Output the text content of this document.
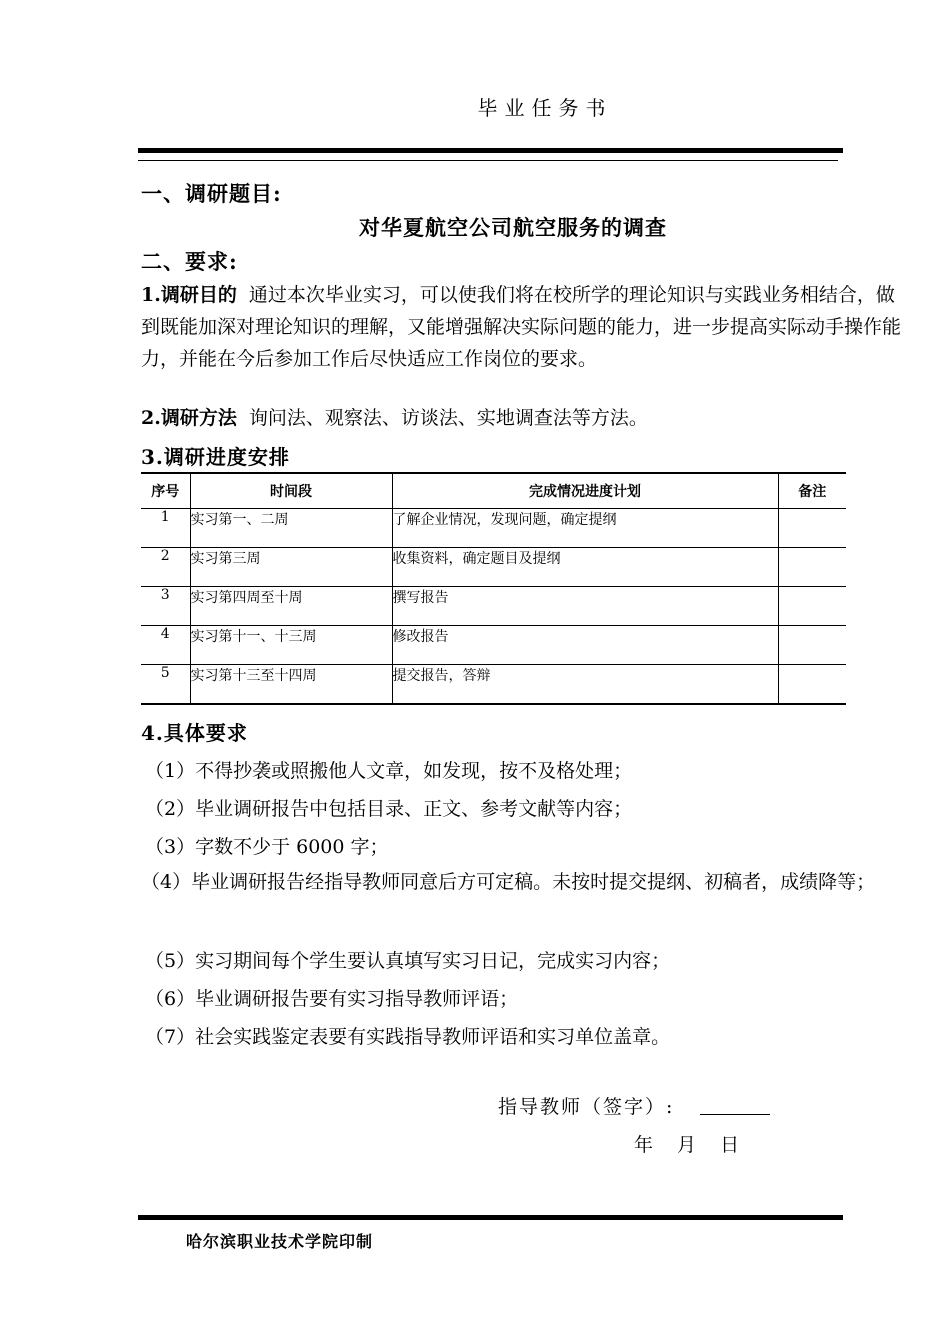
毕业任务书
一、调研题目:
对华夏航空公司航空服务的调查
二、要求:
1.调研目的 通过本次毕业实习，可以使我们将在校所学的理论知识与实践业务相结合，做到既能加深对理论知识的理解，又能增强解决实际问题的能力，进一步提高实际动手操作能力，并能在今后参加工作后尽快适应工作岗位的要求。
2.调研方法 询问法、观察法、访谈法、实地调查法等方法。
3.调研进度安排
序号	时间段	完成情况进度计划	备注
1	实习第一、二周	了解企业情况，发现问题，确定提纲	
2	实习第三周	收集资料，确定题目及提纲	
3	实习第四周至十周	撰写报告	
4	实习第十一、十三周	修改报告	
5	实习第十三至十四周	提交报告，答辩	
4.具体要求
（1）不得抄袭或照搬他人文章，如发现，按不及格处理；
（2）毕业调研报告中包括目录、正文、参考文献等内容；
（3）字数不少于 6000 字；
（4）毕业调研报告经指导教师同意后方可定稿。未按时提交提纲、初稿者，成绩降等；
（5）实习期间每个学生要认真填写实习日记，完成实习内容；
（6）毕业调研报告要有实习指导教师评语；
（7）社会实践鉴定表要有实践指导教师评语和实习单位盖章。
指导教师（签字）:
年 月 日
哈尔滨职业技术学院印制
